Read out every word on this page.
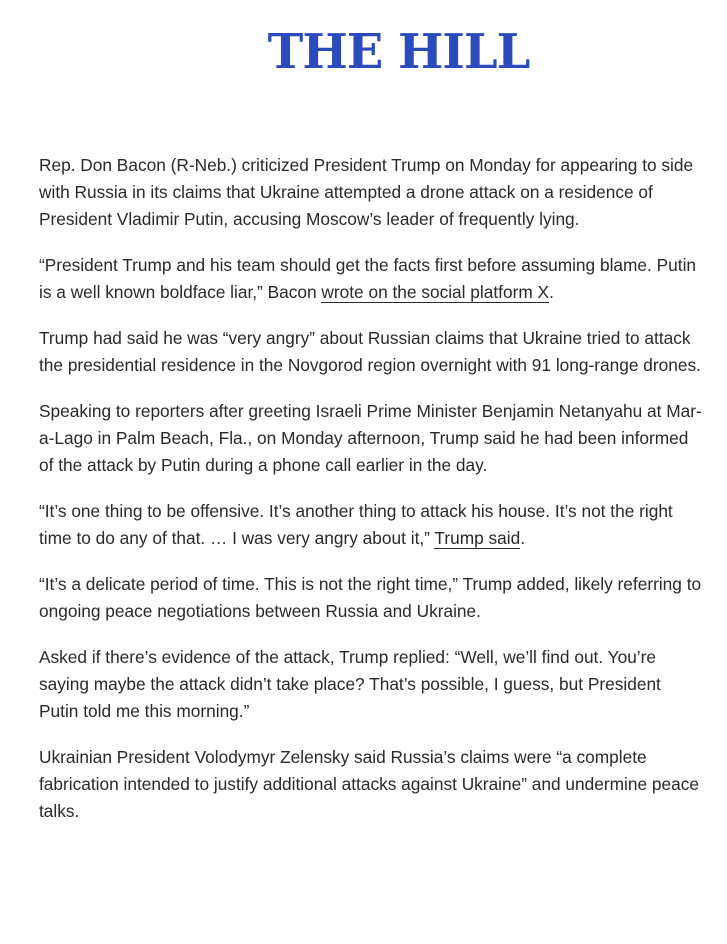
THE HILL

Rep. Don Bacon (R-Neb.) criticized President Trump on Monday for appearing to side with Russia in its claims that Ukraine attempted a drone attack on a residence of President Vladimir Putin, accusing Moscow’s leader of frequently lying.

“President Trump and his team should get the facts first before assuming blame. Putin is a well known boldface liar,” Bacon wrote on the social platform X.

Trump had said he was “very angry” about Russian claims that Ukraine tried to attack the presidential residence in the Novgorod region overnight with 91 long-range drones.

Speaking to reporters after greeting Israeli Prime Minister Benjamin Netanyahu at Mar-a-Lago in Palm Beach, Fla., on Monday afternoon, Trump said he had been informed of the attack by Putin during a phone call earlier in the day.

“It’s one thing to be offensive. It’s another thing to attack his house. It’s not the right time to do any of that. … I was very angry about it,” Trump said.

“It’s a delicate period of time. This is not the right time,” Trump added, likely referring to ongoing peace negotiations between Russia and Ukraine.

Asked if there’s evidence of the attack, Trump replied: “Well, we’ll find out. You’re saying maybe the attack didn’t take place? That’s possible, I guess, but President Putin told me this morning.”

Ukrainian President Volodymyr Zelensky said Russia’s claims were “a complete fabrication intended to justify additional attacks against Ukraine” and undermine peace talks.
